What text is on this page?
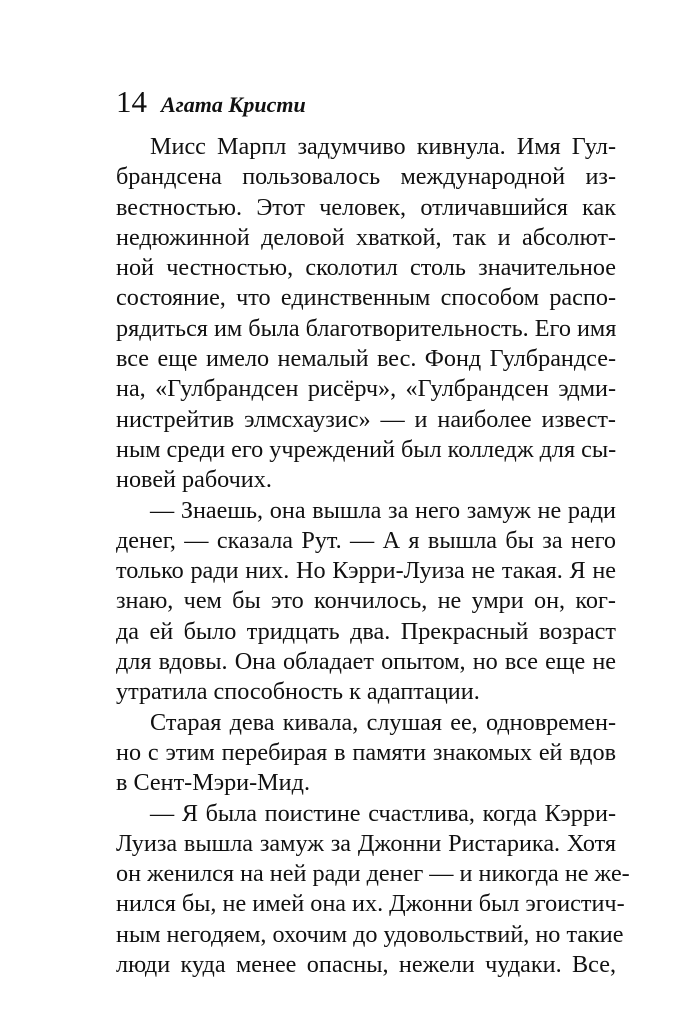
14 Агата Кристи
Мисс Марпл задумчиво кивнула. Имя Гул-
брандсена пользовалось международной из-
вестностью. Этот человек, отличавшийся как
недюжинной деловой хваткой, так и абсолют-
ной честностью, сколотил столь значительное
состояние, что единственным способом распо-
рядиться им была благотворительность. Его имя
все еще имело немалый вес. Фонд Гулбрандсе-
на, «Гулбрандсен рисёрч», «Гулбрандсен эдми-
нистрейтив элмсхаузис» — и наиболее извест-
ным среди его учреждений был колледж для сы-
новей рабочих.
— Знаешь, она вышла за него замуж не ради
денег, — сказала Рут. — А я вышла бы за него
только ради них. Но Кэрри-Луиза не такая. Я не
знаю, чем бы это кончилось, не умри он, ког-
да ей было тридцать два. Прекрасный возраст
для вдовы. Она обладает опытом, но все еще не
утратила способность к адаптации.
Старая дева кивала, слушая ее, одновремен-
но с этим перебирая в памяти знакомых ей вдов
в Сент-Мэри-Мид.
— Я была поистине счастлива, когда Кэрри-
Луиза вышла замуж за Джонни Ристарика. Хотя
он женился на ней ради денег — и никогда не же-
нился бы, не имей она их. Джонни был эгоистич-
ным негодяем, охочим до удовольствий, но такие
люди куда менее опасны, нежели чудаки. Все,
